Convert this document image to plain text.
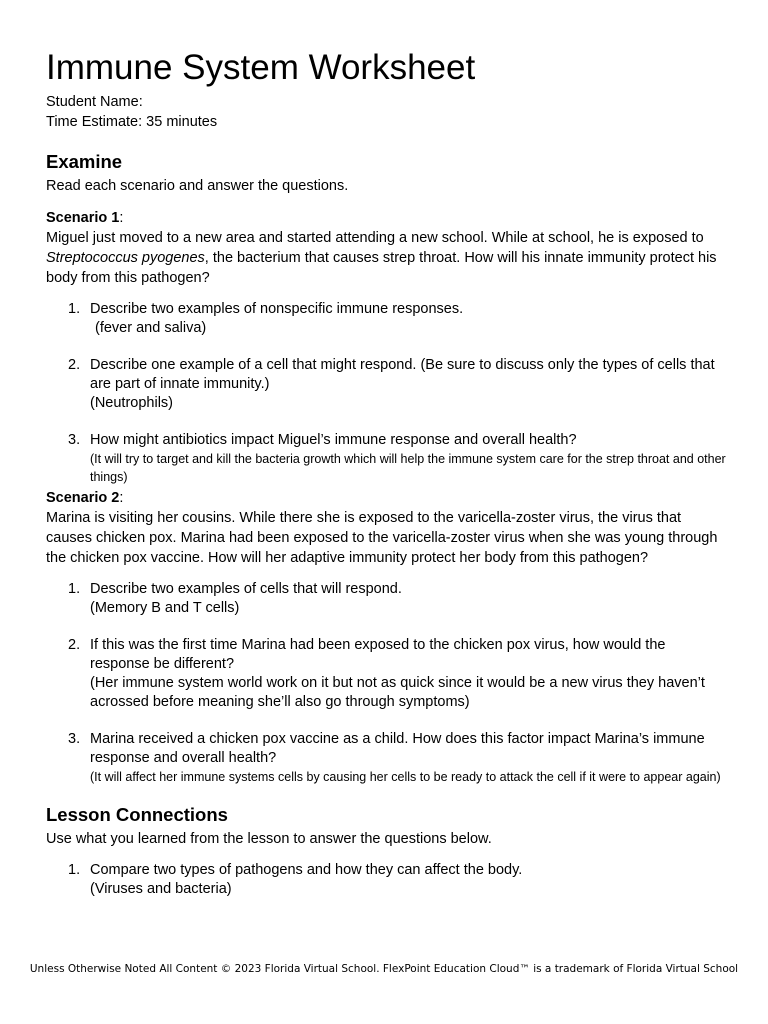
Immune System Worksheet
Student Name:
Time Estimate: 35 minutes
Examine

Read each scenario and answer the questions.

Scenario 1:

Miguel just moved to a new area and started attending a new school. While at school, he is exposed to Streptococcus pyogenes, the bacterium that causes strep throat. How will his innate immunity protect his body from this pathogen?

1. Describe two examples of nonspecific immune responses.
(fever and saliva)
2. Describe one example of a cell that might respond. (Be sure to discuss only the types of cells that are part of innate immunity.)
(Neutrophils)
3. How might antibiotics impact Miguel’s immune response and overall health?
(It will try to target and kill the bacteria growth which will help the immune system care for the strep throat and other things)
Scenario 2:

Marina is visiting her cousins. While there she is exposed to the varicella-zoster virus, the virus that causes chicken pox. Marina had been exposed to the varicella-zoster virus when she was young through the chicken pox vaccine. How will her adaptive immunity protect her body from this pathogen?

1. Describe two examples of cells that will respond.
(Memory B and T cells)
2. If this was the first time Marina had been exposed to the chicken pox virus, how would the response be different?
(Her immune system world work on it but not as quick since it would be a new virus they haven’t acrossed before meaning she’ll also go through symptoms)
3. Marina received a chicken pox vaccine as a child. How does this factor impact Marina’s immune response and overall health?
(It will affect her immune systems cells by causing her cells to be ready to attack the cell if it were to appear again)
Lesson Connections

Use what you learned from the lesson to answer the questions below.

1. Compare two types of pathogens and how they can affect the body.
(Viruses and bacteria)
Unless Otherwise Noted All Content © 2023 Florida Virtual School. FlexPoint Education Cloud™ is a trademark of Florida Virtual School
